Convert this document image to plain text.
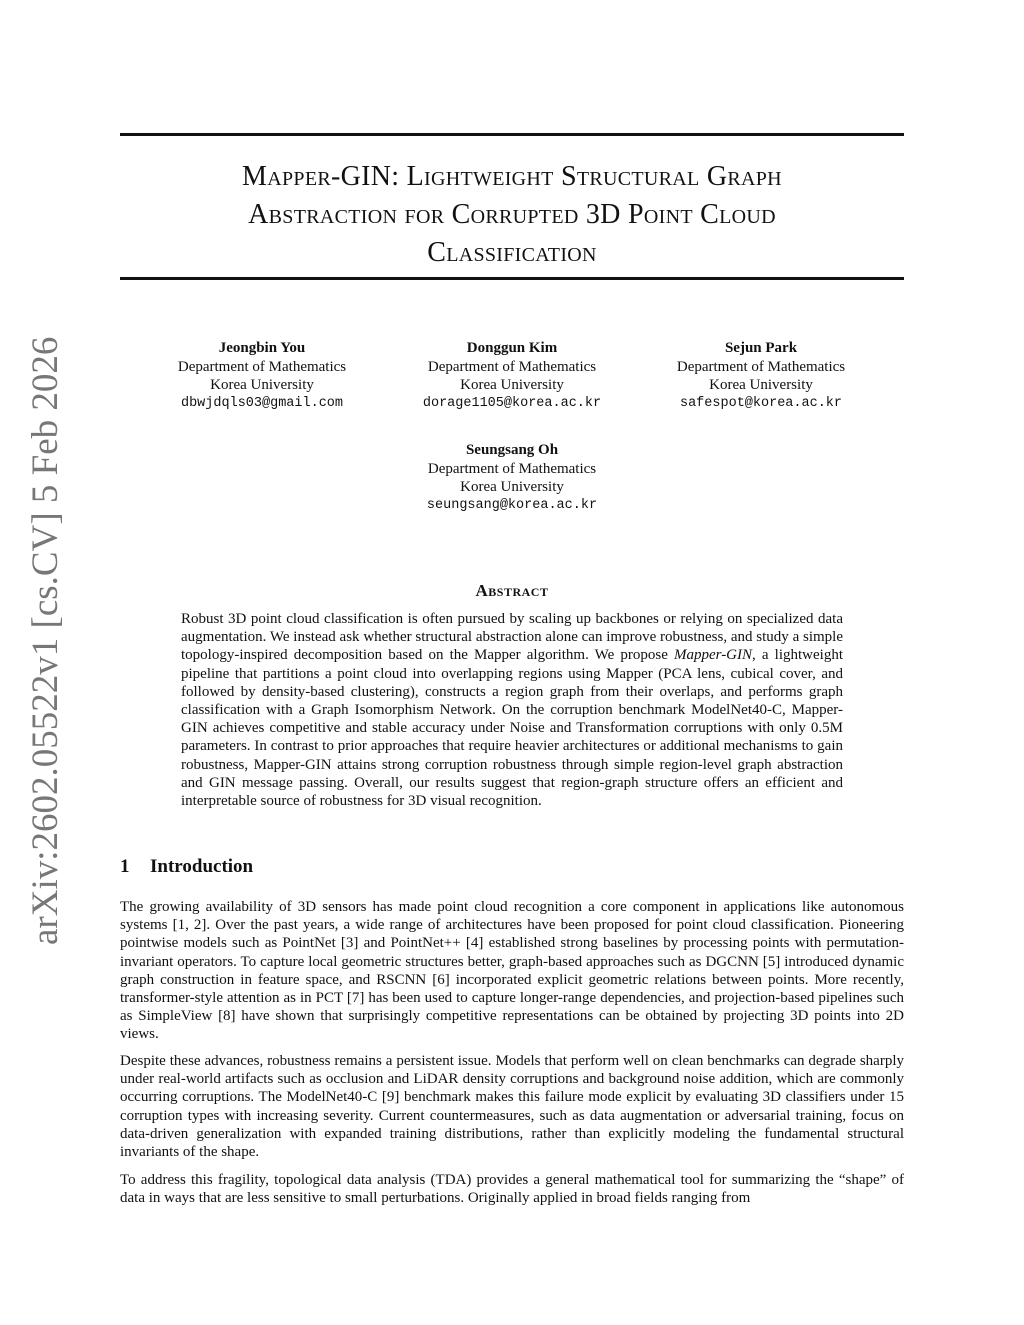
arXiv:2602.05522v1 [cs.CV] 5 Feb 2026
Mapper-GIN: Lightweight Structural Graph
Abstraction for Corrupted 3D Point Cloud
Classification
Jeongbin You
Department of Mathematics
Korea University
dbwjdqls03@gmail.com
Donggun Kim
Department of Mathematics
Korea University
dorage1105@korea.ac.kr
Sejun Park
Department of Mathematics
Korea University
safespot@korea.ac.kr
Seungsang Oh
Department of Mathematics
Korea University
seungsang@korea.ac.kr
Abstract
Robust 3D point cloud classification is often pursued by scaling up backbones or relying on specialized data augmentation. We instead ask whether structural abstraction alone can improve robustness, and study a simple topology-inspired decomposition based on the Mapper algorithm. We propose Mapper-GIN, a lightweight pipeline that partitions a point cloud into overlapping regions using Mapper (PCA lens, cubical cover, and followed by density-based clustering), constructs a region graph from their overlaps, and performs graph classification with a Graph Isomorphism Network. On the corruption benchmark ModelNet40-C, Mapper-GIN achieves competitive and stable accuracy under Noise and Transformation corruptions with only 0.5M parameters. In contrast to prior approaches that require heavier architectures or additional mechanisms to gain robustness, Mapper-GIN attains strong corruption robustness through simple region-level graph abstraction and GIN message passing. Overall, our results suggest that region-graph structure offers an efficient and interpretable source of robustness for 3D visual recognition.
1 Introduction

The growing availability of 3D sensors has made point cloud recognition a core component in applications like autonomous systems [1, 2]. Over the past years, a wide range of architectures have been proposed for point cloud classification. Pioneering pointwise models such as PointNet [3] and PointNet++ [4] established strong baselines by processing points with permutation-invariant operators. To capture local geometric structures better, graph-based approaches such as DGCNN [5] introduced dynamic graph construction in feature space, and RSCNN [6] incorporated explicit geometric relations between points. More recently, transformer-style attention as in PCT [7] has been used to capture longer-range dependencies, and projection-based pipelines such as SimpleView [8] have shown that surprisingly competitive representations can be obtained by projecting 3D points into 2D views.

Despite these advances, robustness remains a persistent issue. Models that perform well on clean benchmarks can degrade sharply under real-world artifacts such as occlusion and LiDAR density corruptions and background noise addition, which are commonly occurring corruptions. The ModelNet40-C [9] benchmark makes this failure mode explicit by evaluating 3D classifiers under 15 corruption types with increasing severity. Current countermeasures, such as data augmentation or adversarial training, focus on data-driven generalization with expanded training distributions, rather than explicitly modeling the fundamental structural invariants of the shape.

To address this fragility, topological data analysis (TDA) provides a general mathematical tool for summarizing the “shape” of data in ways that are less sensitive to small perturbations. Originally applied in broad fields ranging from
